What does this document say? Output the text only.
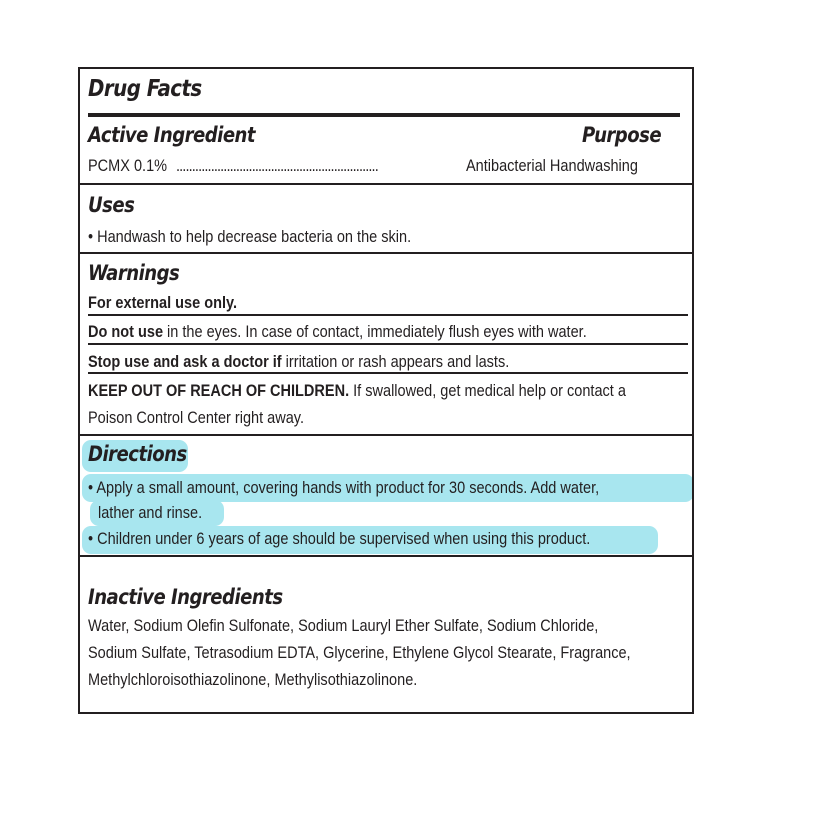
Drug Facts
Active Ingredient	Purpose
PCMX 0.1% ................................................................	Antibacterial Handwashing
Uses
• Handwash to help decrease bacteria on the skin.
Warnings
For external use only.
Do not use in the eyes. In case of contact, immediately flush eyes with water.
Stop use and ask a doctor if irritation or rash appears and lasts.
KEEP OUT OF REACH OF CHILDREN. If swallowed, get medical help or contact a
Poison Control Center right away.
Directions
• Apply a small amount, covering hands with product for 30 seconds. Add water,
lather and rinse.
• Children under 6 years of age should be supervised when using this product.
Inactive Ingredients
Water, Sodium Olefin Sulfonate, Sodium Lauryl Ether Sulfate, Sodium Chloride,
Sodium Sulfate, Tetrasodium EDTA, Glycerine, Ethylene Glycol Stearate, Fragrance,
Methylchloroisothiazolinone, Methylisothiazolinone.
